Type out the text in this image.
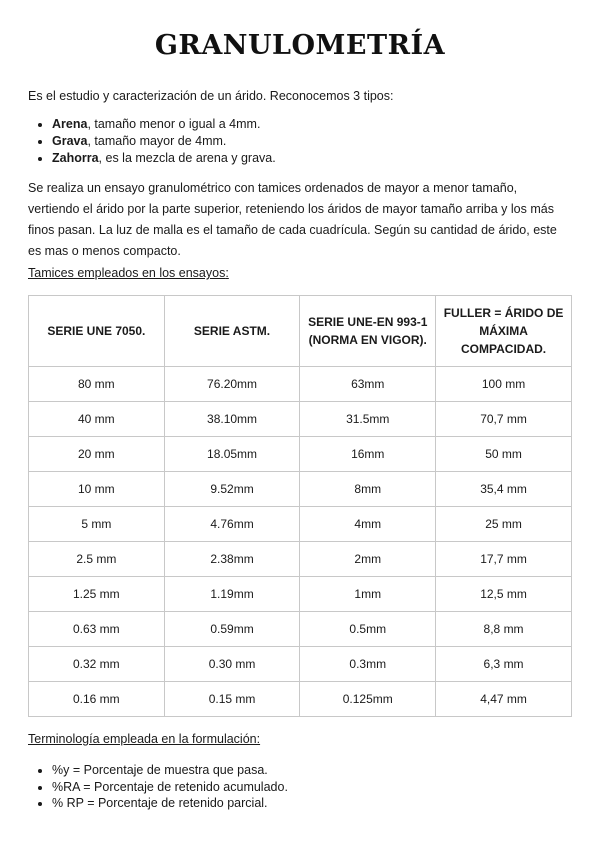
GRANULOMETRÍA

Es el estudio y caracterización de un árido. Reconocemos 3 tipos:

• Arena, tamaño menor o igual a 4mm.
• Grava, tamaño mayor de 4mm.
• Zahorra, es la mezcla de arena y grava.

Se realiza un ensayo granulométrico con tamices ordenados de mayor a menor tamaño, vertiendo el árido por la parte superior, reteniendo los áridos de mayor tamaño arriba y los más finos pasan. La luz de malla es el tamaño de cada cuadrícula. Según su cantidad de árido, este es mas o menos compacto.

Tamices empleados en los ensayos:

SERIE UNE 7050.	SERIE ASTM.	SERIE UNE-EN 993-1 (NORMA EN VIGOR).	FULLER = ÁRIDO DE MÁXIMA COMPACIDAD.
80 mm	76.20mm	63mm	100 mm
40 mm	38.10mm	31.5mm	70,7 mm
20 mm	18.05mm	16mm	50 mm
10 mm	9.52mm	8mm	35,4 mm
5 mm	4.76mm	4mm	25 mm
2.5 mm	2.38mm	2mm	17,7 mm
1.25 mm	1.19mm	1mm	12,5 mm
0.63 mm	0.59mm	0.5mm	8,8 mm
0.32 mm	0.30 mm	0.3mm	6,3 mm
0.16 mm	0.15 mm	0.125mm	4,47 mm

Terminología empleada en la formulación:

• %y = Porcentaje de muestra que pasa.
• %RA = Porcentaje de retenido acumulado.
• % RP = Porcentaje de retenido parcial.
